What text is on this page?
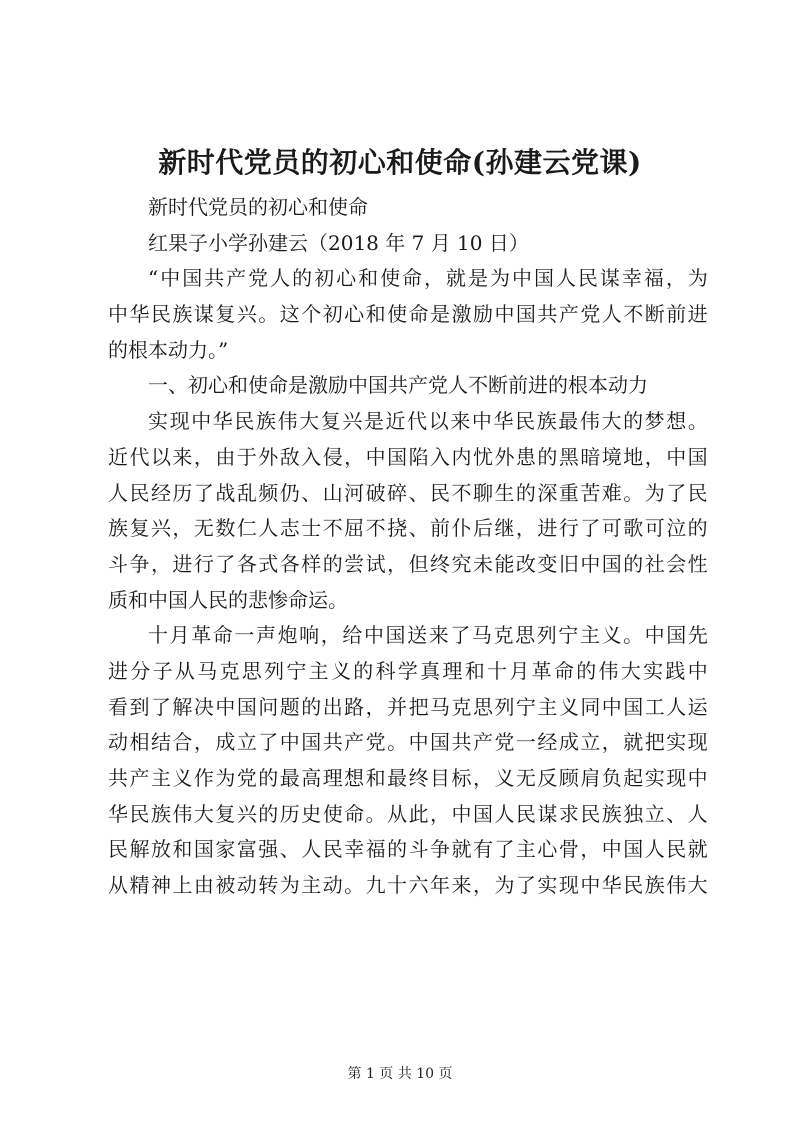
新时代党员的初心和使命(孙建云党课)
新时代党员的初心和使命
红果子小学孙建云（2018 年 7 月 10 日）
“ 中 国 共 产 党 人 的 初 心 和 使 命 ， 就 是 为 中 国 人 民 谋 幸 福 ， 为
中 华 民 族 谋 复 兴 。 这 个 初 心 和 使 命 是 激 励 中 国 共 产 党 人 不 断 前 进
的根本动力。”
一、初心和使命是激励中国共产党人不断前进的根本动力
实 现 中 华 民 族 伟 大 复 兴 是 近 代 以 来 中 华 民 族 最 伟 大 的 梦 想 。
近 代 以 来 ， 由 于 外 敌 入 侵 ， 中 国 陷 入 内 忧 外 患 的 黑 暗 境 地 ， 中 国
人 民 经 历 了 战 乱 频 仍 、 山 河 破 碎 、 民 不 聊 生 的 深 重 苦 难 。 为 了 民
族 复 兴 ， 无 数 仁 人 志 士 不 屈 不 挠 、 前 仆 后 继 ， 进 行 了 可 歌 可 泣 的
斗 争 ， 进 行 了 各 式 各 样 的 尝 试 ， 但 终 究 未 能 改 变 旧 中 国 的 社 会 性
质和中国人民的悲惨命运。
十 月 革 命 一 声 炮 响 ， 给 中 国 送 来 了 马 克 思 列 宁 主 义 。 中 国 先
进 分 子 从 马 克 思 列 宁 主 义 的 科 学 真 理 和 十 月 革 命 的 伟 大 实 践 中
看 到 了 解 决 中 国 问 题 的 出 路 ， 并 把 马 克 思 列 宁 主 义 同 中 国 工 人 运
动 相 结 合 ， 成 立 了 中 国 共 产 党 。 中 国 共 产 党 一 经 成 立 ， 就 把 实 现
共 产 主 义 作 为 党 的 最 高 理 想 和 最 终 目 标 ， 义 无 反 顾 肩 负 起 实 现 中
华 民 族 伟 大 复 兴 的 历 史 使 命 。 从 此 ， 中 国 人 民 谋 求 民 族 独 立 、 人
民 解 放 和 国 家 富 强 、 人 民 幸 福 的 斗 争 就 有 了 主 心 骨 ， 中 国 人 民 就
从 精 神 上 由 被 动 转 为 主 动 。 九 十 六 年 来 ， 为 了 实 现 中 华 民 族 伟 大
第 1 页 共 10 页
